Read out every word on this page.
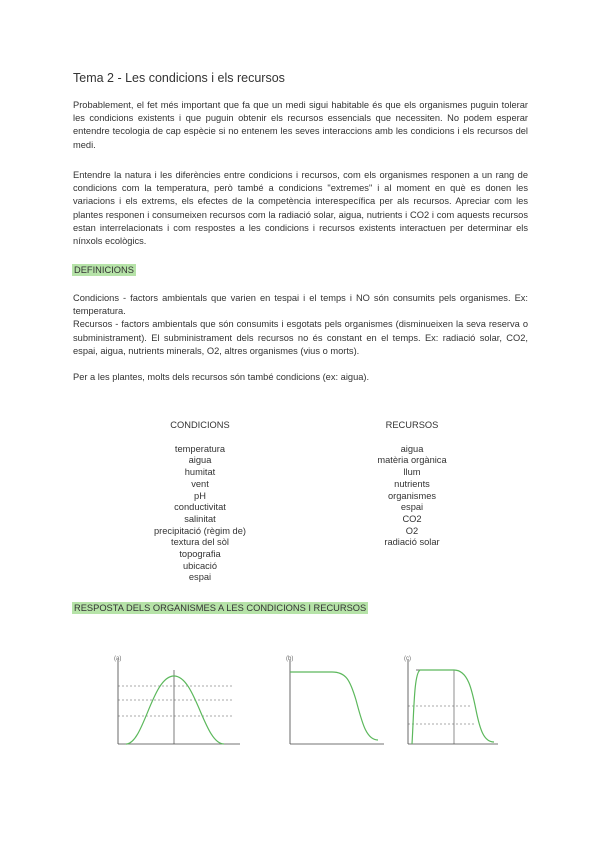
Tema 2 - Les condicions i els recursos

Probablement, el fet més important que fa que un medi sigui habitable és que els organismes puguin tolerar les condicions existents i que puguin obtenir els recursos essencials que necessiten. No podem esperar entendre tecologia de cap espècie si no entenem les seves interaccions amb les condicions i els recursos del medi.

Entendre la natura i les diferències entre condicions i recursos, com els organismes responen a un rang de condicions com la temperatura, però també a condicions "extremes" i al moment en què es donen les variacions i els extrems, els efectes de la competència interespecífica per als recursos. Apreciar com les plantes responen i consumeixen recursos com la radiació solar, aigua, nutrients i CO2 i com aquests recursos estan interrelacionats i com respostes a les condicions i recursos existents interactuen per determinar els nínxols ecològics.

DEFINICIONS

Condicions - factors ambientals que varien en tespai i el temps i NO són consumits pels organismes. Ex: temperatura.

Recursos - factors ambientals que són consumits i esgotats pels organismes (disminueixen la seva reserva o subministrament). El subministrament dels recursos no és constant en el temps. Ex: radiació solar, CO2, espai, aigua, nutrients minerals, O2, altres organismes (vius o morts).

Per a les plantes, molts dels recursos són també condicions (ex: aigua).

CONDICIONS
temperatura
aigua
humitat
vent
pH
conductivitat
salinitat
precipitació (règim de)
textura del sòl
topografia
ubicació
espai
RECURSOS
aigua
matèria orgànica
llum
nutrients
organismes
espai
CO2
O2
radiació solar
RESPOSTA DELS ORGANISMES A LES CONDICIONS I RECURSOS
(a)	(b)	(c)
